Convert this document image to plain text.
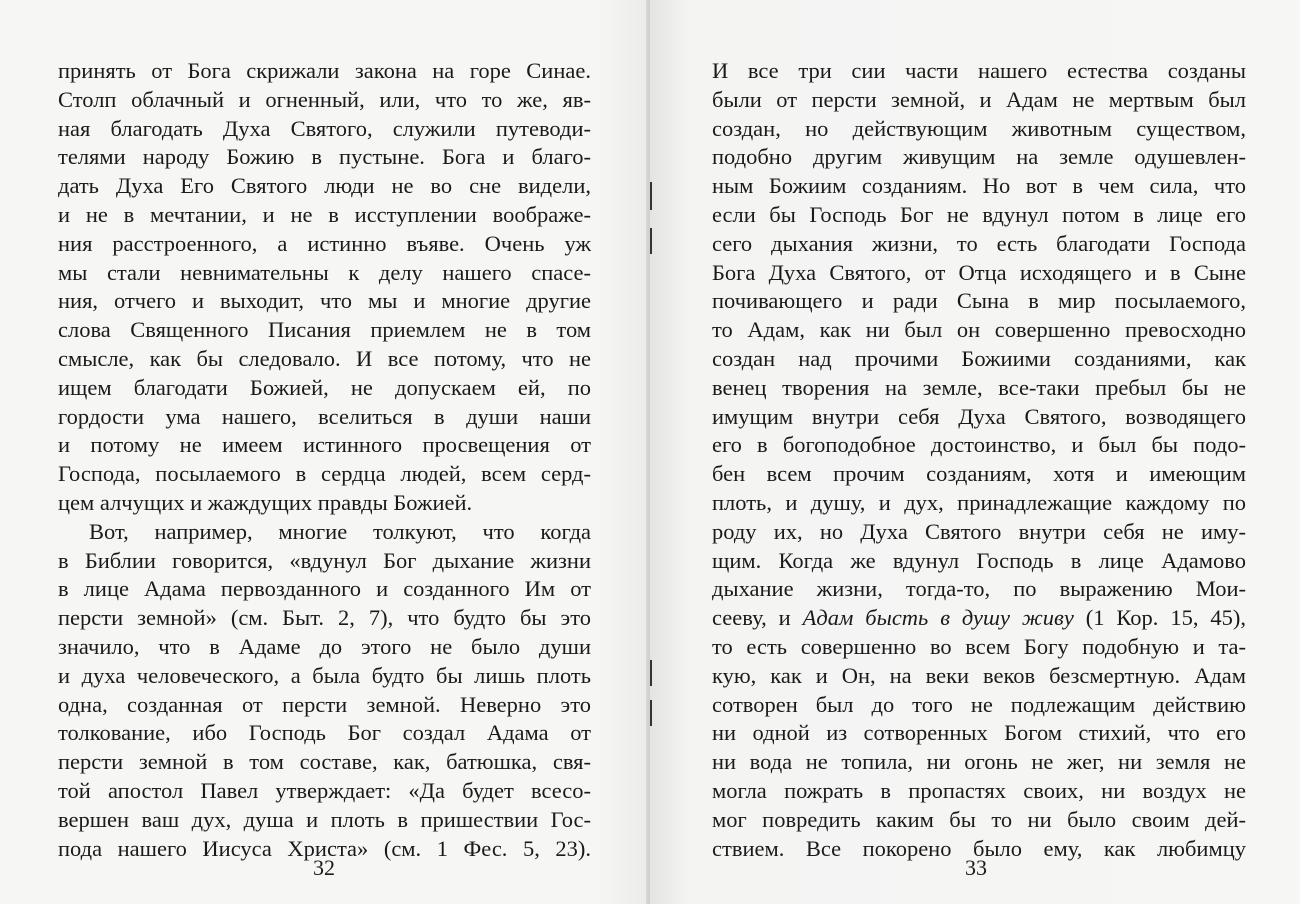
принять от Бога скрижали закона на горе Синае.
Столп облачный и огненный, или, что то же, яв-
ная благодать Духа Святого, служили путеводи-
телями народу Божию в пустыне. Бога и благо-
дать Духа Его Святого люди не во сне видели,
и не в мечтании, и не в исступлении воображе-
ния расстроенного, а истинно въяве. Очень уж
мы стали невнимательны к делу нашего спасе-
ния, отчего и выходит, что мы и многие другие
слова Священного Писания приемлем не в том
смысле, как бы следовало. И все потому, что не
ищем благодати Божией, не допускаем ей, по
гордости ума нашего, вселиться в души наши
и потому не имеем истинного просвещения от
Господа, посылаемого в сердца людей, всем серд-
цем алчущих и жаждущих правды Божией.
Вот, например, многие толкуют, что когда
в Библии говорится, «вдунул Бог дыхание жизни
в лице Адама первозданного и созданного Им от
персти земной» (см. Быт. 2, 7), что будто бы это
значило, что в Адаме до этого не было души
и духа человеческого, а была будто бы лишь плоть
одна, созданная от персти земной. Неверно это
толкование, ибо Господь Бог создал Адама от
персти земной в том составе, как, батюшка, свя-
той апостол Павел утверждает: «Да будет всесо-
вершен ваш дух, душа и плоть в пришествии Гос-
пода нашего Иисуса Христа» (см. 1 Фес. 5, 23).
32
И все три сии части нашего естества созданы
были от персти земной, и Адам не мертвым был
создан, но действующим животным существом,
подобно другим живущим на земле одушевлен-
ным Божиим созданиям. Но вот в чем сила, что
если бы Господь Бог не вдунул потом в лице его
сего дыхания жизни, то есть благодати Господа
Бога Духа Святого, от Отца исходящего и в Сыне
почивающего и ради Сына в мир посылаемого,
то Адам, как ни был он совершенно превосходно
создан над прочими Божиими созданиями, как
венец творения на земле, все-таки пребыл бы не
имущим внутри себя Духа Святого, возводящего
его в богоподобное достоинство, и был бы подо-
бен всем прочим созданиям, хотя и имеющим
плоть, и душу, и дух, принадлежащие каждому по
роду их, но Духа Святого внутри себя не иму-
щим. Когда же вдунул Господь в лице Адамово
дыхание жизни, тогда-то, по выражению Мои-
сееву, и Адам бысть в душу живу (1 Кор. 15, 45),
то есть совершенно во всем Богу подобную и та-
кую, как и Он, на веки веков безсмертную. Адам
сотворен был до того не подлежащим действию
ни одной из сотворенных Богом стихий, что его
ни вода не топила, ни огонь не жег, ни земля не
могла пожрать в пропастях своих, ни воздух не
мог повредить каким бы то ни было своим дей-
ствием. Все покорено было ему, как любимцу
33
